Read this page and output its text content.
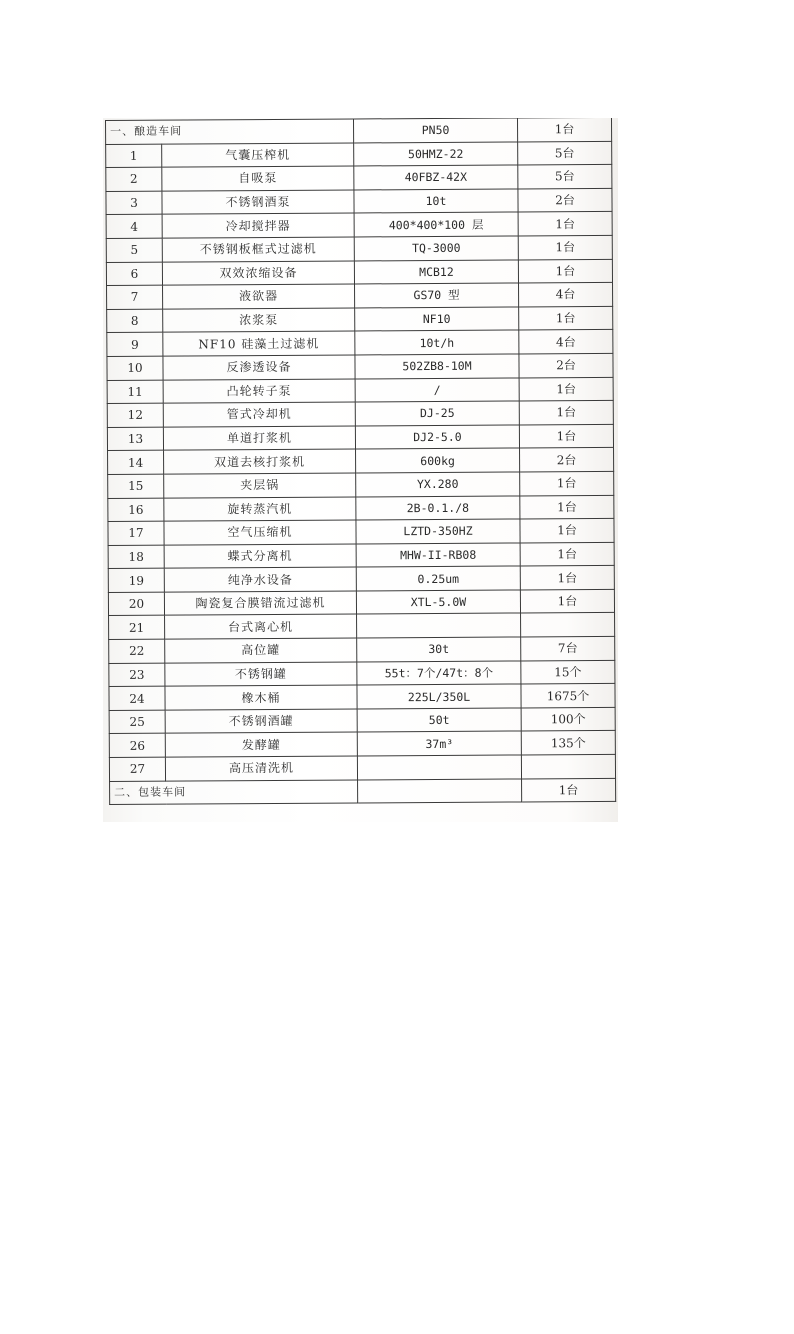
一、酿造车间		PN50	1台
1	气囊压榨机	50HMZ-22	5台
2	自吸泵	40FBZ-42X	5台
3	不锈钢酒泵	10t	2台
4	冷却搅拌器	400*400*100 层	1台
5	不锈钢板框式过滤机	TQ-3000	1台
6	双效浓缩设备	MCB12	1台
7	液欲器	GS70 型	4台
8	浓浆泵	NF10	1台
9	NF10 硅藻土过滤机	10t/h	4台
10	反渗透设备	502ZB8-10M	2台
11	凸轮转子泵	/	1台
12	管式冷却机	DJ-25	1台
13	单道打浆机	DJ2-5.0	1台
14	双道去核打浆机	600kg	2台
15	夹层锅	YX.280	1台
16	旋转蒸汽机	2B-0.1./8	1台
17	空气压缩机	LZTD-350HZ	1台
18	蝶式分离机	MHW-II-RB08	1台
19	纯净水设备	0.25um	1台
20	陶瓷复合膜错流过滤机	XTL-5.0W	1台
21	台式离心机		
22	高位罐	30t	7台
23	不锈钢罐	55t：7个/47t：8个	15个
24	橡木桶	225L/350L	1675个
25	不锈钢酒罐	50t	100个
26	发酵罐	37m³	135个
27	高压清洗机		
二、包装车间			1台
